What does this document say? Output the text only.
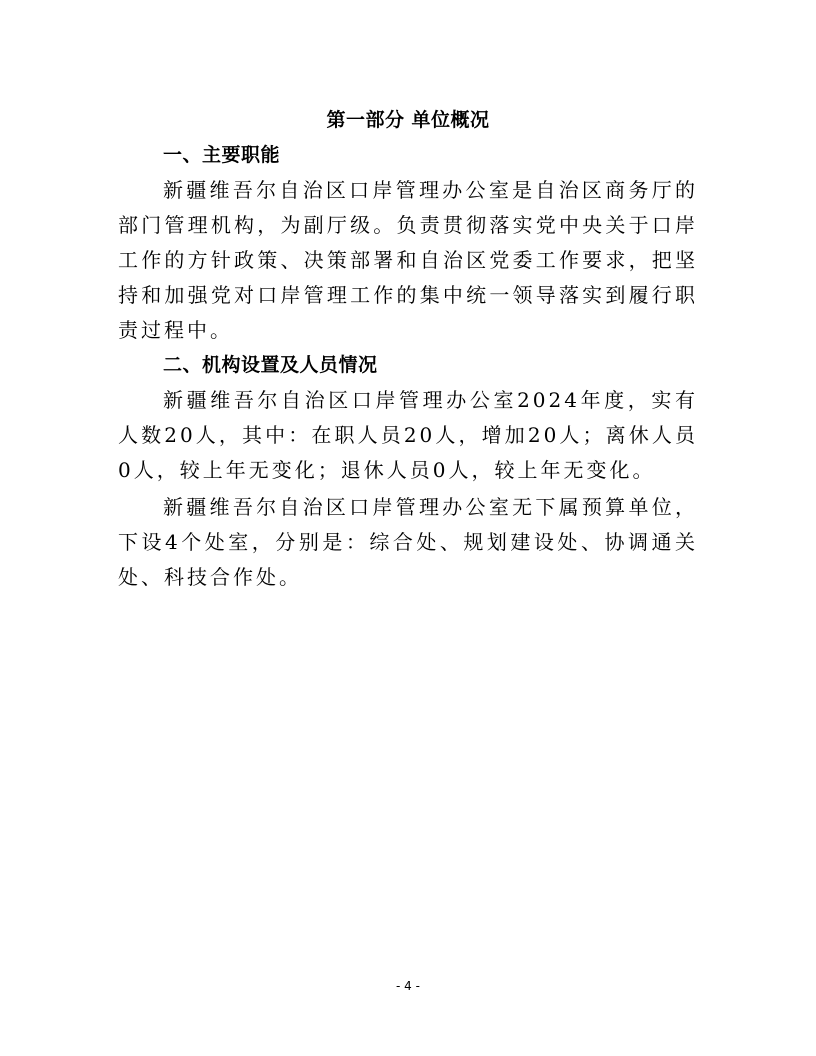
第一部分 单位概况
一、主要职能

新疆维吾尔自治区口岸管理办公室是自治区商务厅的部门管理机构，为副厅级。负责贯彻落实党中央关于口岸工作的方针政策、决策部署和自治区党委工作要求，把坚持和加强党对口岸管理工作的集中统一领导落实到履行职责过程中。

二、机构设置及人员情况

新疆维吾尔自治区口岸管理办公室2024年度，实有人数20人，其中：在职人员20人，增加20人；离休人员0人，较上年无变化；退休人员0人，较上年无变化。

新疆维吾尔自治区口岸管理办公室无下属预算单位，下设4个处室，分别是：综合处、规划建设处、协调通关处、科技合作处。

- 4 -
